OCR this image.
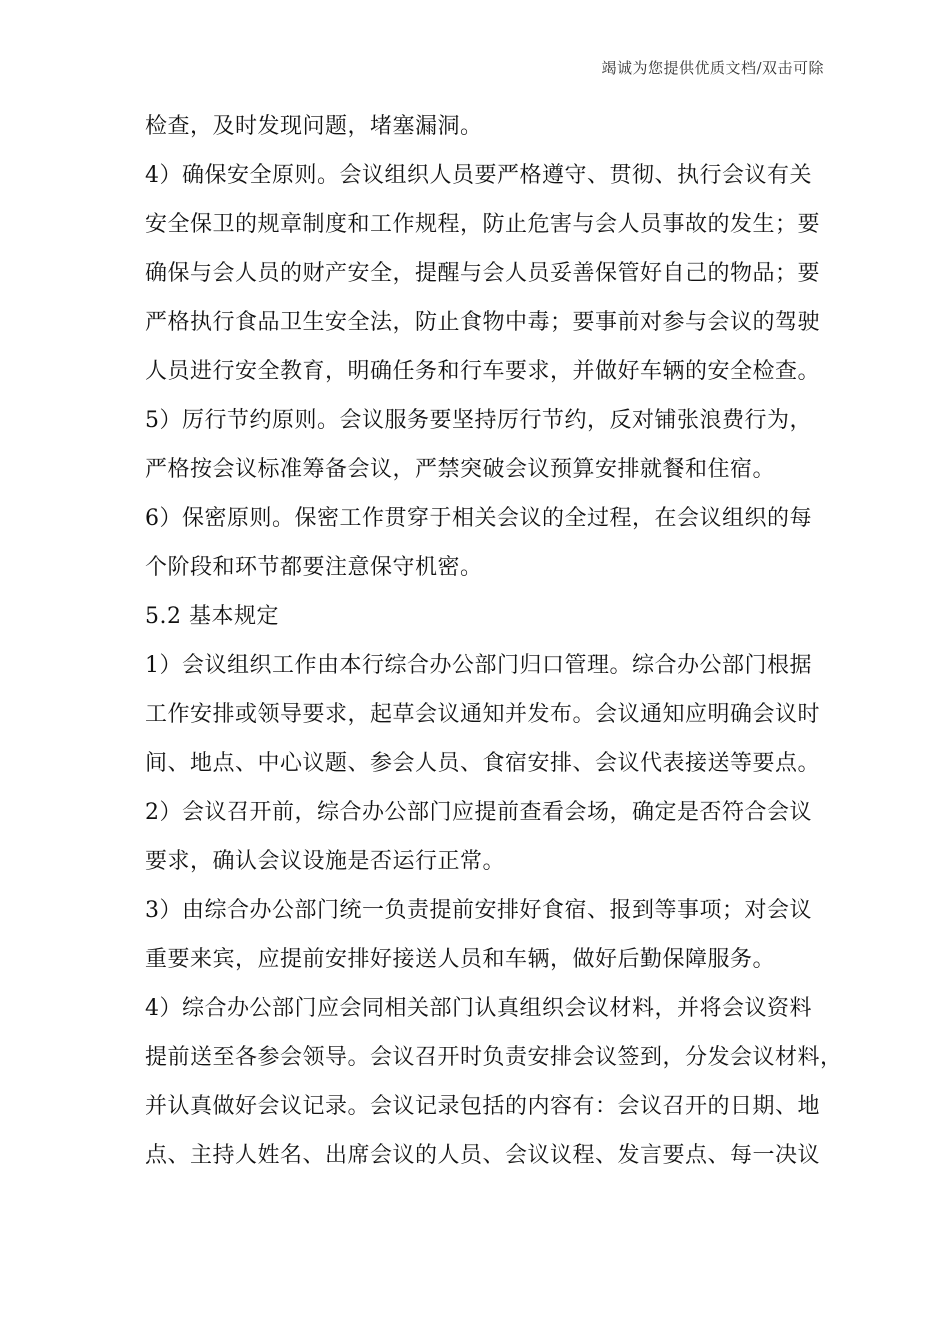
竭诚为您提供优质文档/双击可除
检查，及时发现问题，堵塞漏洞。
4）确保安全原则。会议组织人员要严格遵守、贯彻、执行会议有关
安全保卫的规章制度和工作规程，防止危害与会人员事故的发生；要
确保与会人员的财产安全，提醒与会人员妥善保管好自己的物品；要
严格执行食品卫生安全法，防止食物中毒；要事前对参与会议的驾驶
人员进行安全教育，明确任务和行车要求，并做好车辆的安全检查。
5）厉行节约原则。会议服务要坚持厉行节约，反对铺张浪费行为，
严格按会议标准筹备会议，严禁突破会议预算安排就餐和住宿。
6）保密原则。保密工作贯穿于相关会议的全过程，在会议组织的每
个阶段和环节都要注意保守机密。
5.2 基本规定
1）会议组织工作由本行综合办公部门归口管理。综合办公部门根据
工作安排或领导要求，起草会议通知并发布。会议通知应明确会议时
间、地点、中心议题、参会人员、食宿安排、会议代表接送等要点。
2）会议召开前，综合办公部门应提前查看会场，确定是否符合会议
要求，确认会议设施是否运行正常。
3）由综合办公部门统一负责提前安排好食宿、报到等事项；对会议
重要来宾，应提前安排好接送人员和车辆，做好后勤保障服务。
4）综合办公部门应会同相关部门认真组织会议材料，并将会议资料
提前送至各参会领导。会议召开时负责安排会议签到，分发会议材料，
并认真做好会议记录。会议记录包括的内容有：会议召开的日期、地
点、主持人姓名、出席会议的人员、会议议程、发言要点、每一决议
